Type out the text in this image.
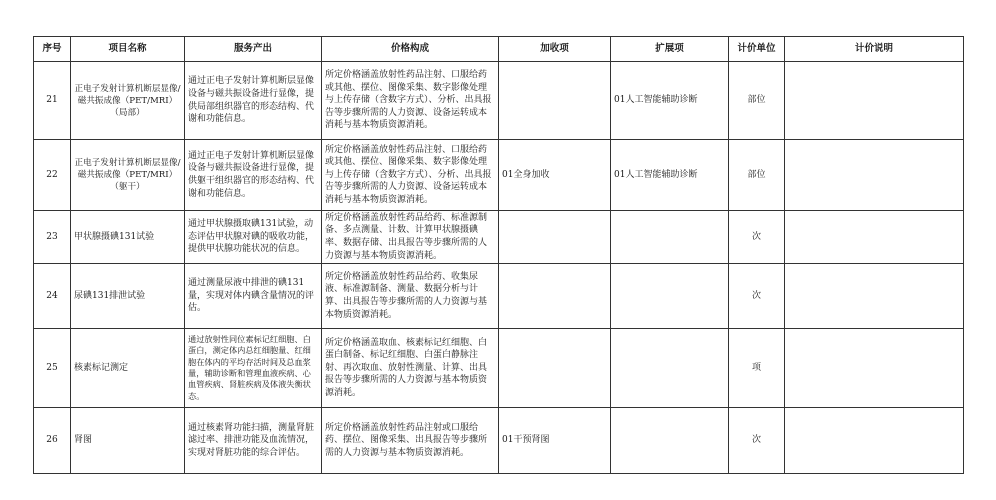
序号	项目名称	服务产出	价格构成	加收项	扩展项	计价单位	计价说明
21	正电子发射计算机断层显像/磁共振成像（PET/MRI）（局部）	通过正电子发射计算机断层显像设备与磁共振设备进行显像，提供局部组织器官的形态结构、代谢和功能信息。	所定价格涵盖放射性药品注射、口服给药或其他、摆位、图像采集、数字影像处理与上传存储（含数字方式）、分析、出具报告等步骤所需的人力资源、设备运转成本消耗与基本物质资源消耗。		01人工智能辅助诊断	部位	
22	正电子发射计算机断层显像/磁共振成像（PET/MRI）（躯干）	通过正电子发射计算机断层显像设备与磁共振设备进行显像，提供躯干组织器官的形态结构、代谢和功能信息。	所定价格涵盖放射性药品注射、口服给药或其他、摆位、图像采集、数字影像处理与上传存储（含数字方式）、分析、出具报告等步骤所需的人力资源、设备运转成本消耗与基本物质资源消耗。	01全身加收	01人工智能辅助诊断	部位	
23	甲状腺摄碘131试验	通过甲状腺摄取碘131试验，动态评估甲状腺对碘的吸收功能，提供甲状腺功能状况的信息。	所定价格涵盖放射性药品给药、标准源制备、多点测量、计数、计算甲状腺摄碘率、数据存储、出具报告等步骤所需的人力资源与基本物质资源消耗。			次	
24	尿碘131排泄试验	通过测量尿液中排泄的碘131量，实现对体内碘含量情况的评估。	所定价格涵盖放射性药品给药、收集尿液、标准源制备、测量、数据分析与计算、出具报告等步骤所需的人力资源与基本物质资源消耗。			次	
25	核素标记测定	通过放射性同位素标记红细胞、白蛋白，测定体内总红细胞量、红细胞在体内的平均存活时间及总血浆量，辅助诊断和管理血液疾病、心血管疾病、肾脏疾病及体液失衡状态。	所定价格涵盖取血、核素标记红细胞、白蛋白制备、标记红细胞、白蛋白静脉注射、再次取血、放射性测量、计算、出具报告等步骤所需的人力资源与基本物质资源消耗。			项	
26	肾图	通过核素肾功能扫描，测量肾脏滤过率、排泄功能及血流情况，实现对肾脏功能的综合评估。	所定价格涵盖放射性药品注射或口服给药、摆位、图像采集、出具报告等步骤所需的人力资源与基本物质资源消耗。	01干预肾图		次	
